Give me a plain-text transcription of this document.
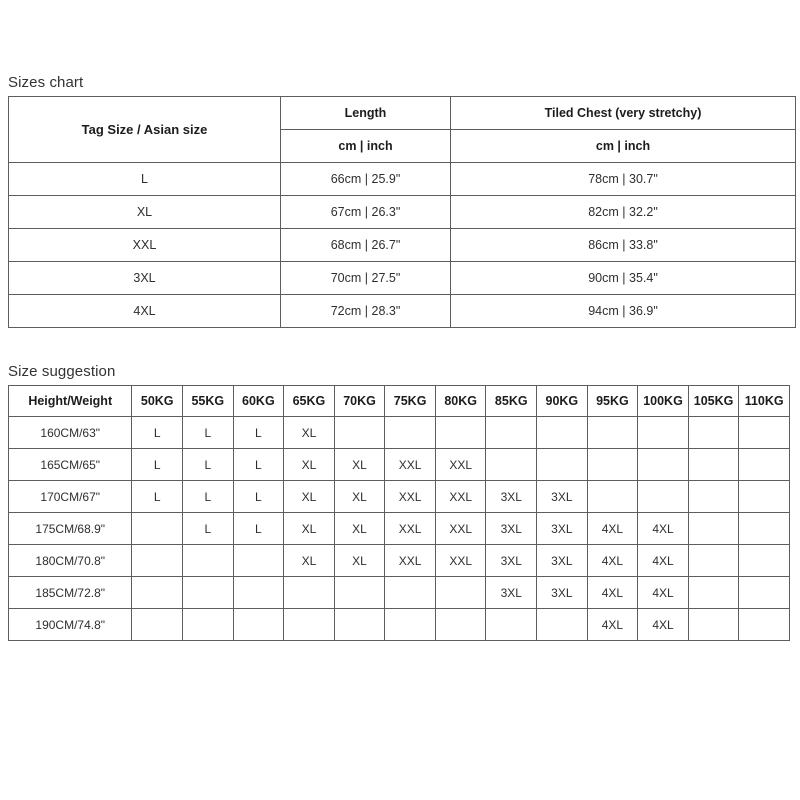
Sizes chart
Tag Size / Asian size	Length	Tiled Chest (very stretchy)
	cm | inch	cm | inch
L	66cm | 25.9"	78cm | 30.7"
XL	67cm | 26.3"	82cm | 32.2"
XXL	68cm | 26.7"	86cm | 33.8"
3XL	70cm | 27.5"	90cm | 35.4"
4XL	72cm | 28.3"	94cm | 36.9"
Size suggestion
Height/Weight	50KG	55KG	60KG	65KG	70KG	75KG	80KG	85KG	90KG	95KG	100KG	105KG	110KG
160CM/63"	L	L	L	XL									
165CM/65"	L	L	L	XL	XL	XXL	XXL						
170CM/67"	L	L	L	XL	XL	XXL	XXL	3XL	3XL				
175CM/68.9"		L	L	XL	XL	XXL	XXL	3XL	3XL	4XL	4XL		
180CM/70.8"				XL	XL	XXL	XXL	3XL	3XL	4XL	4XL		
185CM/72.8"								3XL	3XL	4XL	4XL		
190CM/74.8"										4XL	4XL		
